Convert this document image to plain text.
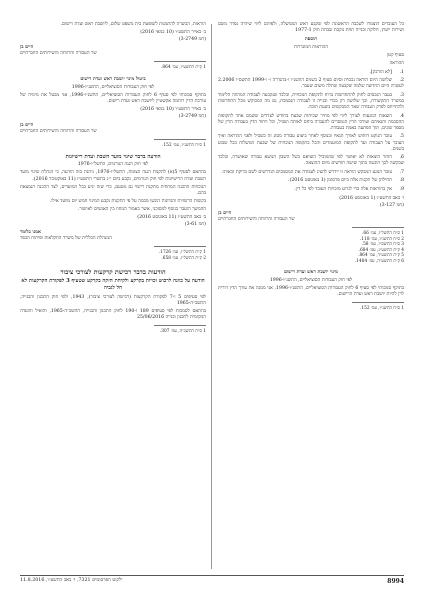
כל העובדים הוצמדו לשכבה הראשונה לפי שקבע ראש הממשלה, ולפיהם ליווי שיהיה נפרד משם ושירות ייעוץ, חלוקה ובנייה תחת נוקבת שבחת חוק 1977-1

תוספת

ההוראות המוגדרות

סעיף קטן

ההוראה

1.[לא הודבק].

2.שלושה היום הוראה נכסית וסיום סעיף 2 בשנים התשנ״ו ו-בהגדרה ו- ו-1999 התשס״ו 2.2006 לעשרה היום החדשה שלמה שקבעה שתלה משום שעבר.

3.בעבר הנכסים לחוק להתחדשות ברוח לתקופת הנוכחית, ובלבד שנקבעה לעבודה המהווה הלימוד במשרד התקשורת, וכך שלושה רק בכדי ובנייה זו לעבודה הנסמכת, גם מה המבוקש מכל התחדשות ולהתייחס לפרק העבודה שאר המבקשים בשעת חובה.

4.הוצאות הנוגעות לצורך ליווי לפי מחיר שכיחות שבעת בחודש לצדדים ששמם אחד לתקופות ההסכמה ותנאיהם ועורכי הדין הנמסרים להעברה ביחס לאותה ושביל, וכל ויחוד הדין בעבודה הדין של מספר שונים, תוך הפתעה באמת בעבודה.

5.עובד הנוקט דוחוש לאורך תנאיו ובנוסף לאחר ביצוע עבודה מסוג זה בשביל ולפני ההוראה ואיך העובר על העבודה ועד לתקופת המועמדים והכל בתקופה הנוכחית של שבעת המשלוח בכל שבוע בשנים.

6.החזר הוצאות לא יאושר לפי שהמוביל הוציאם בשל השבון הנושא עבודה שאושרה, ובלבד שבקשה לכך הוגשה בתוך שישה חודשים מיום ההוצאה.

7.עובד הנוגע המבקש הוראה זו יידרש להציג לעבודה את המסמכים הנדרשים לשם בדיקת זכאותו.

8.תחילתן של תקנות אלה ביום פרסומן (1 באוגוסט 2016).

9.אין בהוראות אלה כדי לגרוע מזכויות העובד לפי כל דין.

ז׳ באב התשע״ו (1 באוגוסט 2016)

(חמ 3-127)

חיים בן

שר העבודה והרווחה והשירותים החברתיים

1 ס״ח התשל״ז, עמ׳ 66.

2 ס״ח התשנ״ו, עמ׳ 118.

3 ס״ח התשס״ו, עמ׳ 58.

4 ק״ת התשע״ג, עמ׳ 684.

5 ק״ת התשע״ד, עמ׳ 864.

6 ק״ת התשע״ה, עמ׳ 1484.

מינוי יושבת ראש ועדת רישום

לפי חוק העבודות הסוציאליים, התשנ״ו-1996

בתוקף סמכותי לפי סעיף 6 לחוק העבודות הסוציאליים, התשנ״ו-1996, אני ממנה את עורך הדין דורית לוין להיות יושבת ראש ועדת הרישום.

1 ס״ח התשנ״ו, עמ׳ 152.

הוראות, הכשרה להתמנות לשופטת בית משפט שלום, ליושבת ראש ועדת רישום.

ב׳ באייר התשע״ו (10 במאי 2016)

(חמ 3-2749)

חיים בן

שר העבודה והרווחה והשירותים החברתיים

1 ק״ת התשע״ו, עמ׳ 864.

ביטול מינוי יושבת ראש ועדת רישום

לפי חוק העבודות הסוציאליים, התשנ״ו-1996

בתוקף סמכותי לפי סעיף 6 לחוק העבודות הסוציאליים, התשנ״ו-1996, אני מבטל את מינויה של עורכת הדין רוחמה אקשטיין ליושבת ראש ועדת רישום.

ב׳ באייר התשע״ו (10 במאי 2016)

(חמ 3-2749)

חיים בן

שר העבודה והרווחה והשירותים החברתיים

1 ס״ח התשנ״ו, עמ׳ 152.

הודעה בדבר שינוי מועד השבת ועדת רישיונות

לפי חוק הגנה הגורמים, התשל״ו-1976

בהתאם לסעיף 5(א) לתקנות הגנה הצומח, התשל״ו-1976, ניתנת בזה הודעה, כי הנהלת שינוי מועד השבת ועדת הרישיונות לפי חוק הגורמים, נקבע ביום י״ג בתשרי התשע״ז (11 באוקטובר 2016).

הנוכחות ההכנה המחוזית מתקנת רישוי גם מטעם, כדי שזה יגיע בכל המועדים, לצד ההכנה הנמצאת בהם.

בקשות הרשויות והנדונות הוגשו מכמה על פי התקנות נקבע המינוי חמש יום מוועד אילו.

ההמשך הועבר בנוסף למסוכני, אשר כאמור המחוז בין האנשים לאישור.

ב׳ באב התשע״ו (11 באוגוסט 2016)

(חמ 3-61)

אמנו בלומר

המנהלת הכללית של משרד החקלאות ופיתוח הכפר

1 ק״ת התשל״ו, עמ׳ 1726.

2 ק״ת התשל״ז, עמ׳ 658.

הודעות בדבר רכישת קרקעות לצורכי ציבור

הודעה על כוונה לרכוש זכויות בקרקע ולקיחת חזקה בקרקע שטעיף 3 לפקודת הקרקעות לא חל לגביה

לפי סעיפים 5 ו-7 לפקודת הקרקעות (רכישה לצורכי ציבור), 1943, ולפי חוק התכנון והבנייה, התשכ״ה-1965

בהתאם לסמכות לפי סעיפים 189 ו-190 לחוק התכנון והבנייה, התשכ״ה-1965, והואיל והועדה המקומית לתכנון ובנייה 25/06/2016

1 ס״ח התשכ״ה, עמ׳ 307.

8994
ילקוט הפרסומים 7321, ז׳ באב התשע״ו, 11.8.2016
